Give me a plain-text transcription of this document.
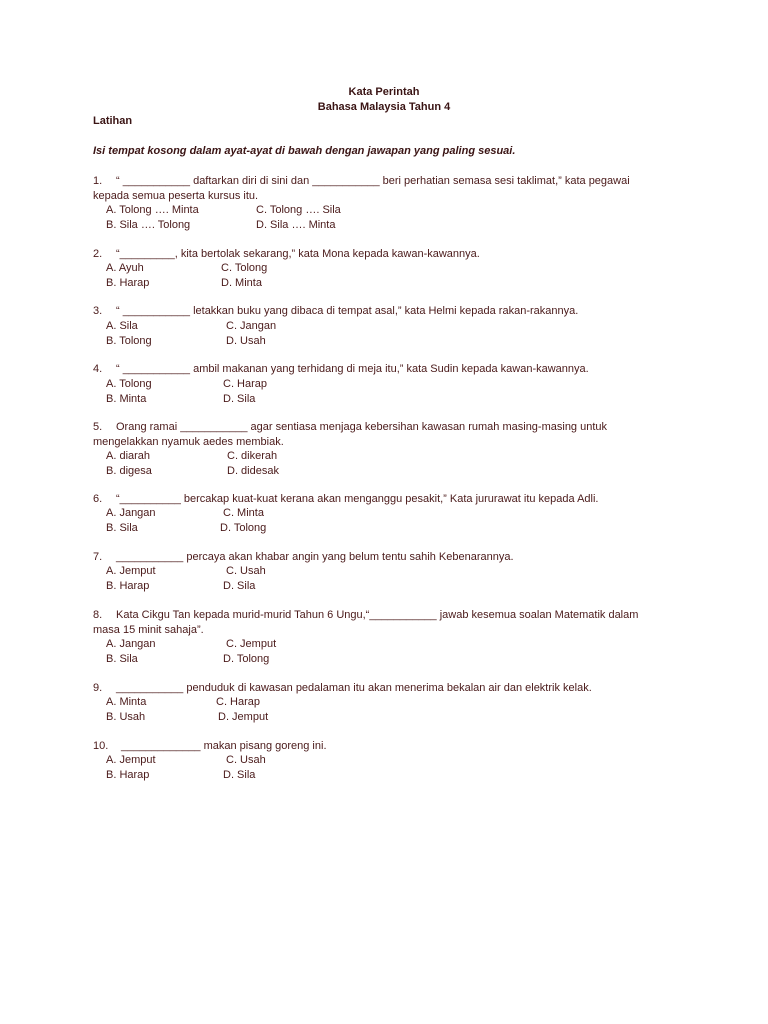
Kata Perintah
Bahasa Malaysia Tahun 4
Latihan
Isi tempat kosong dalam ayat-ayat di bawah dengan jawapan yang paling sesuai.
1. “ ___________ daftarkan diri di sini dan ___________ beri perhatian semasa sesi taklimat,” kata pegawai
kepada semua peserta kursus itu.
A. Tolong …. Minta	C. Tolong …. Sila
B. Sila …. Tolong	D. Sila …. Minta
2. “_________, kita bertolak sekarang,” kata Mona kepada kawan-kawannya.
A. Ayuh	C. Tolong
B. Harap	D. Minta
3. “ ___________ letakkan buku yang dibaca di tempat asal,” kata Helmi kepada rakan-rakannya.
A. Sila	C. Jangan
B. Tolong	D. Usah
4. “ ___________ ambil makanan yang terhidang di meja itu,” kata Sudin kepada kawan-kawannya.
A. Tolong	C. Harap
B. Minta	D. Sila
5. Orang ramai ___________ agar sentiasa menjaga kebersihan kawasan rumah masing-masing untuk
mengelakkan nyamuk aedes membiak.
A. diarah	C. dikerah
B. digesa	D. didesak
6. “__________ bercakap kuat-kuat kerana akan menganggu pesakit,” Kata jururawat itu kepada Adli.
A. Jangan	C. Minta
B. Sila	D. Tolong
7. ___________ percaya akan khabar angin yang belum tentu sahih Kebenarannya.
A. Jemput	C. Usah
B. Harap	D. Sila
8. Kata Cikgu Tan kepada murid-murid Tahun 6 Ungu,“___________ jawab kesemua soalan Matematik dalam
masa 15 minit sahaja”.
A. Jangan	C. Jemput
B. Sila	D. Tolong
9. ___________ penduduk di kawasan pedalaman itu akan menerima bekalan air dan elektrik kelak.
A. Minta	C. Harap
B. Usah	D. Jemput
10. _____________ makan pisang goreng ini.
A. Jemput	C. Usah
B. Harap	D. Sila
